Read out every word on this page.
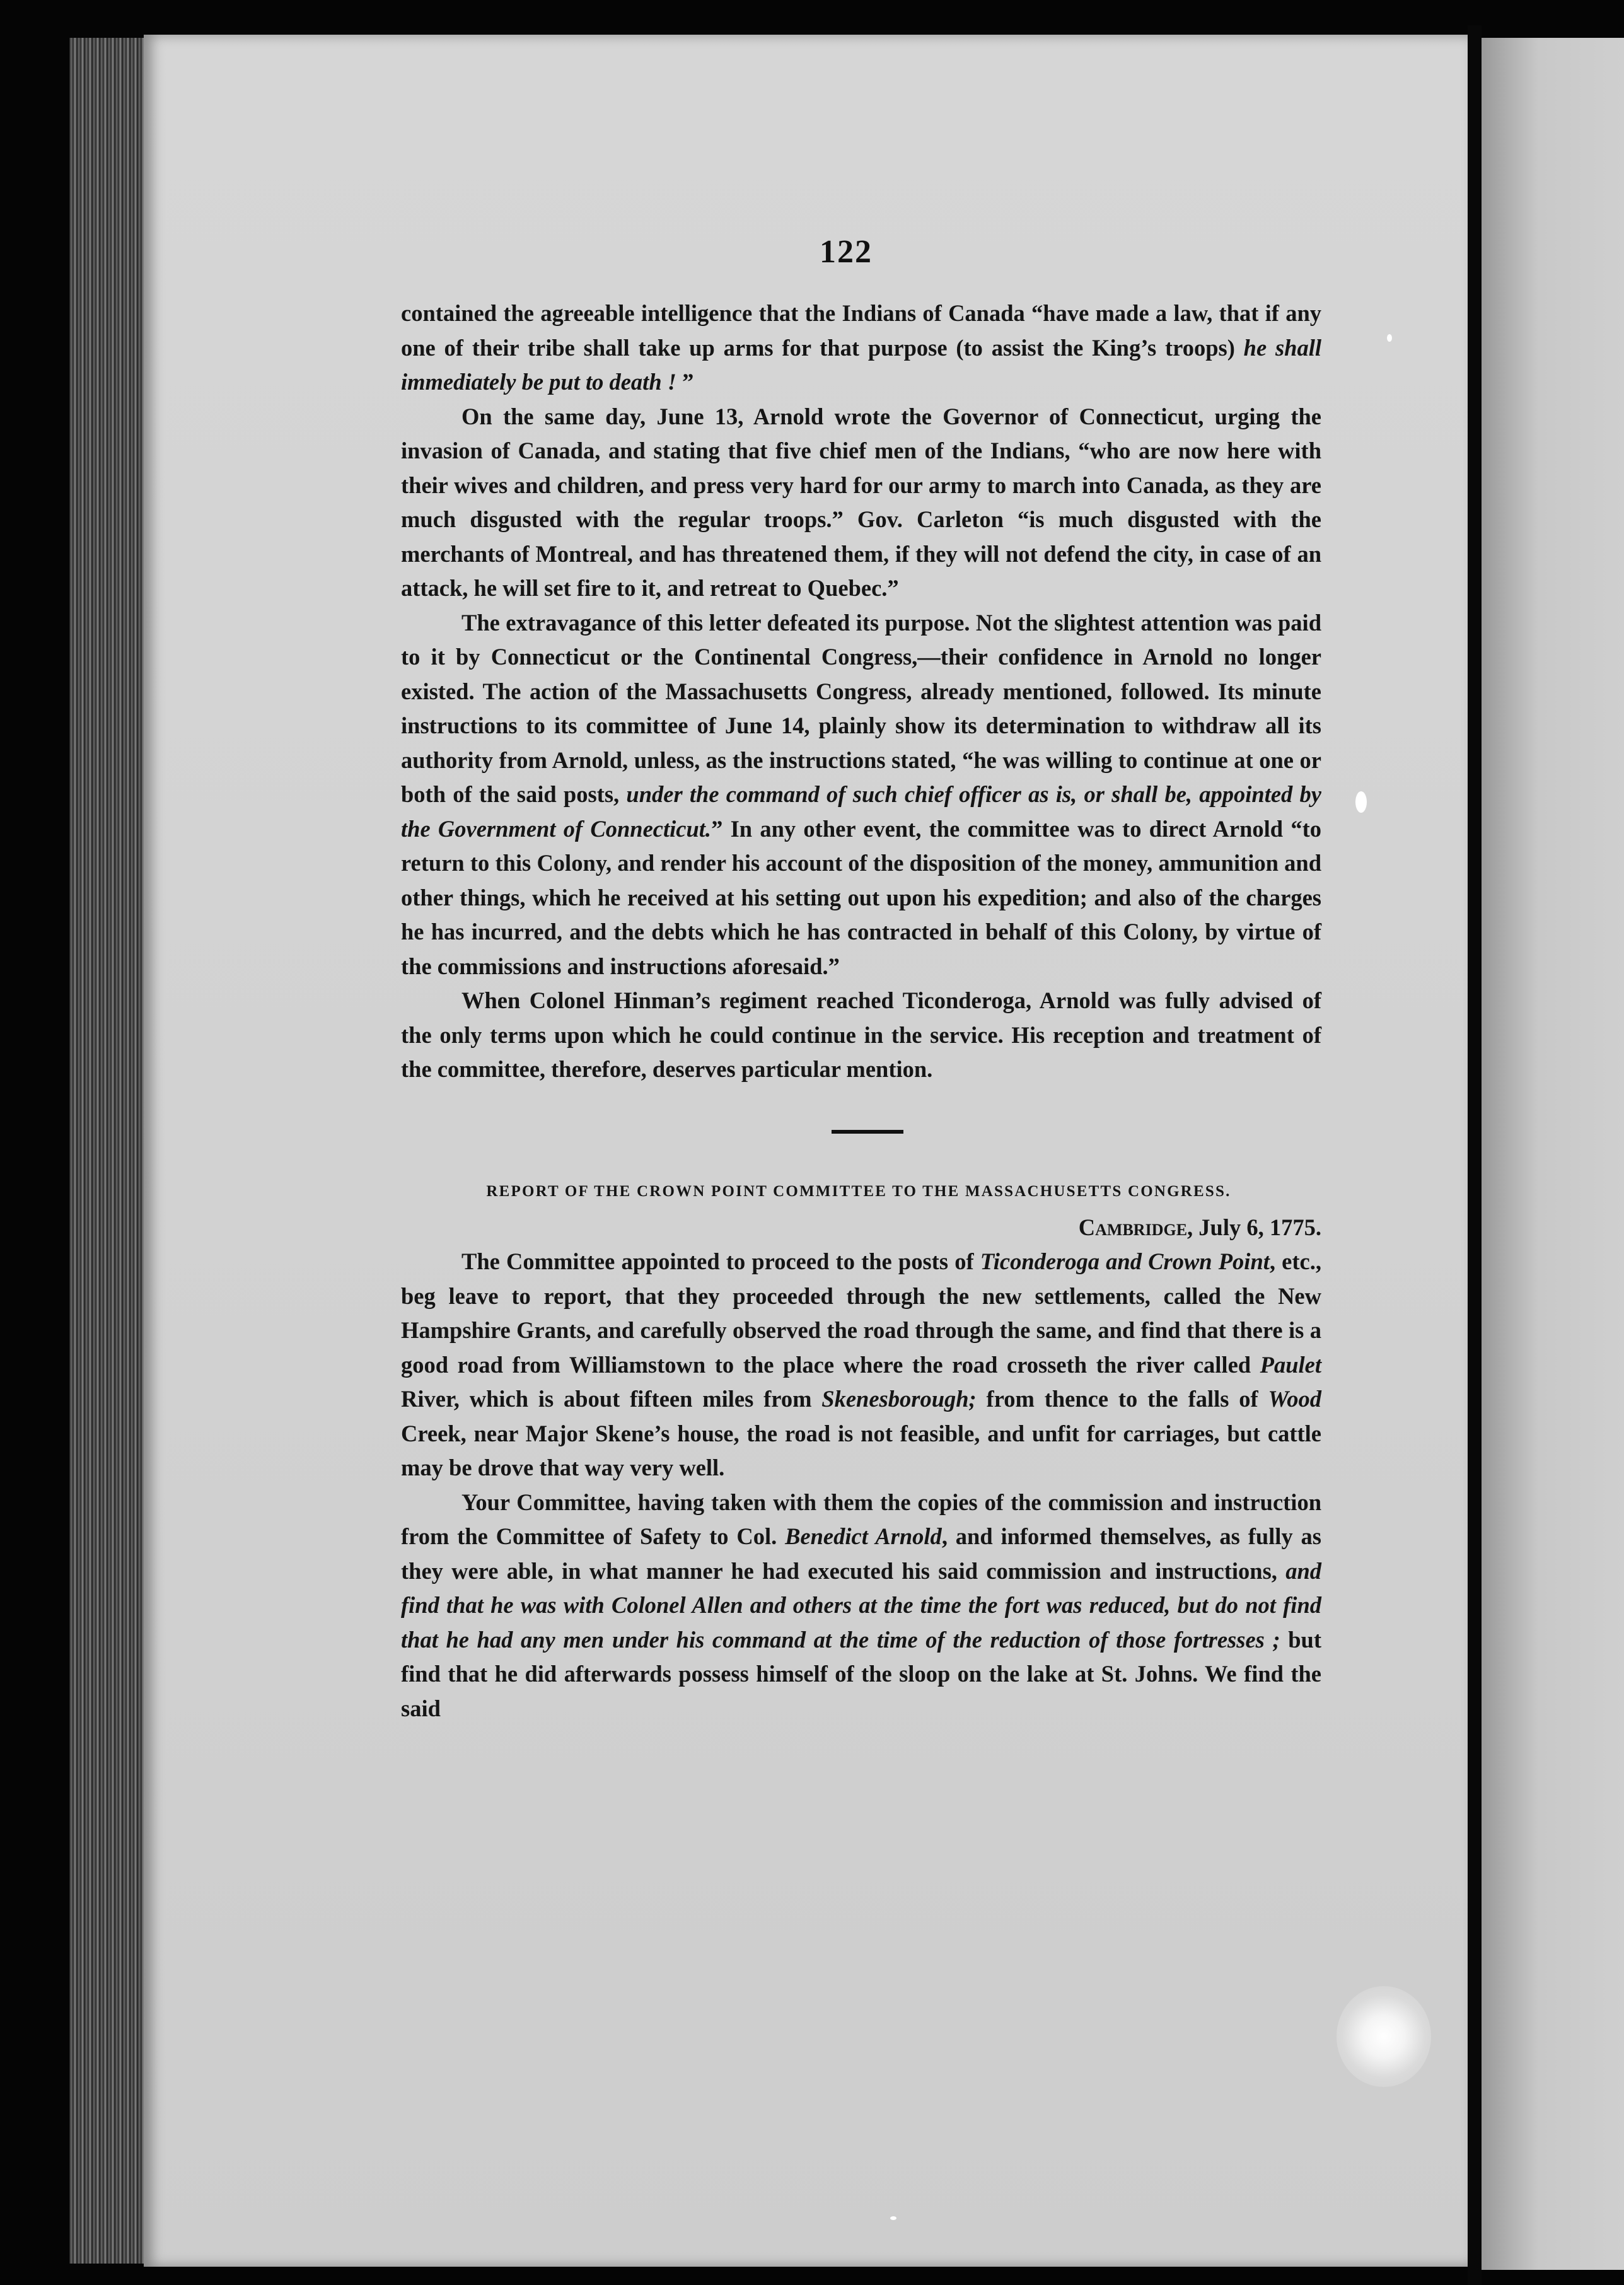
122

contained the agreeable intelligence that the Indians of Canada “have made a law, that if any one of their tribe shall take up arms for that purpose (to assist the King’s troops) he shall immediately be put to death ! ”

On the same day, June 13, Arnold wrote the Governor of Connecticut, urging the invasion of Canada, and stating that five chief men of the Indians, “who are now here with their wives and children, and press very hard for our army to march into Canada, as they are much disgusted with the regular troops.” Gov. Carleton “is much disgusted with the merchants of Montreal, and has threatened them, if they will not defend the city, in case of an attack, he will set fire to it, and retreat to Quebec.”

The extravagance of this letter defeated its purpose. Not the slightest attention was paid to it by Connecticut or the Continental Congress,—their confidence in Arnold no longer existed. The action of the Massachusetts Congress, already mentioned, followed. Its minute instructions to its committee of June 14, plainly show its determination to withdraw all its authority from Arnold, unless, as the instructions stated, “he was willing to continue at one or both of the said posts, under the command of such chief officer as is, or shall be, appointed by the Government of Connecticut.” In any other event, the committee was to direct Arnold “to return to this Colony, and render his account of the disposition of the money, ammunition and other things, which he received at his setting out upon his expedition; and also of the charges he has incurred, and the debts which he has contracted in behalf of this Colony, by virtue of the commissions and instructions aforesaid.”

When Colonel Hinman’s regiment reached Ticonderoga, Arnold was fully advised of the only terms upon which he could continue in the service. His reception and treatment of the committee, therefore, deserves particular mention.

REPORT OF THE CROWN POINT COMMITTEE TO THE MASSACHUSETTS CONGRESS.

Cambridge, July 6, 1775.

The Committee appointed to proceed to the posts of Ticonderoga and Crown Point, etc., beg leave to report, that they proceeded through the new settlements, called the New Hampshire Grants, and carefully observed the road through the same, and find that there is a good road from Williamstown to the place where the road crosseth the river called Paulet River, which is about fifteen miles from Skenesborough; from thence to the falls of Wood Creek, near Major Skene’s house, the road is not feasible, and unfit for carriages, but cattle may be drove that way very well.

Your Committee, having taken with them the copies of the commission and instruction from the Committee of Safety to Col. Benedict Arnold, and informed themselves, as fully as they were able, in what manner he had executed his said commission and instructions, and find that he was with Colonel Allen and others at the time the fort was reduced, but do not find that he had any men under his command at the time of the reduction of those fortresses ; but find that he did afterwards possess himself of the sloop on the lake at St. Johns. We find the said
